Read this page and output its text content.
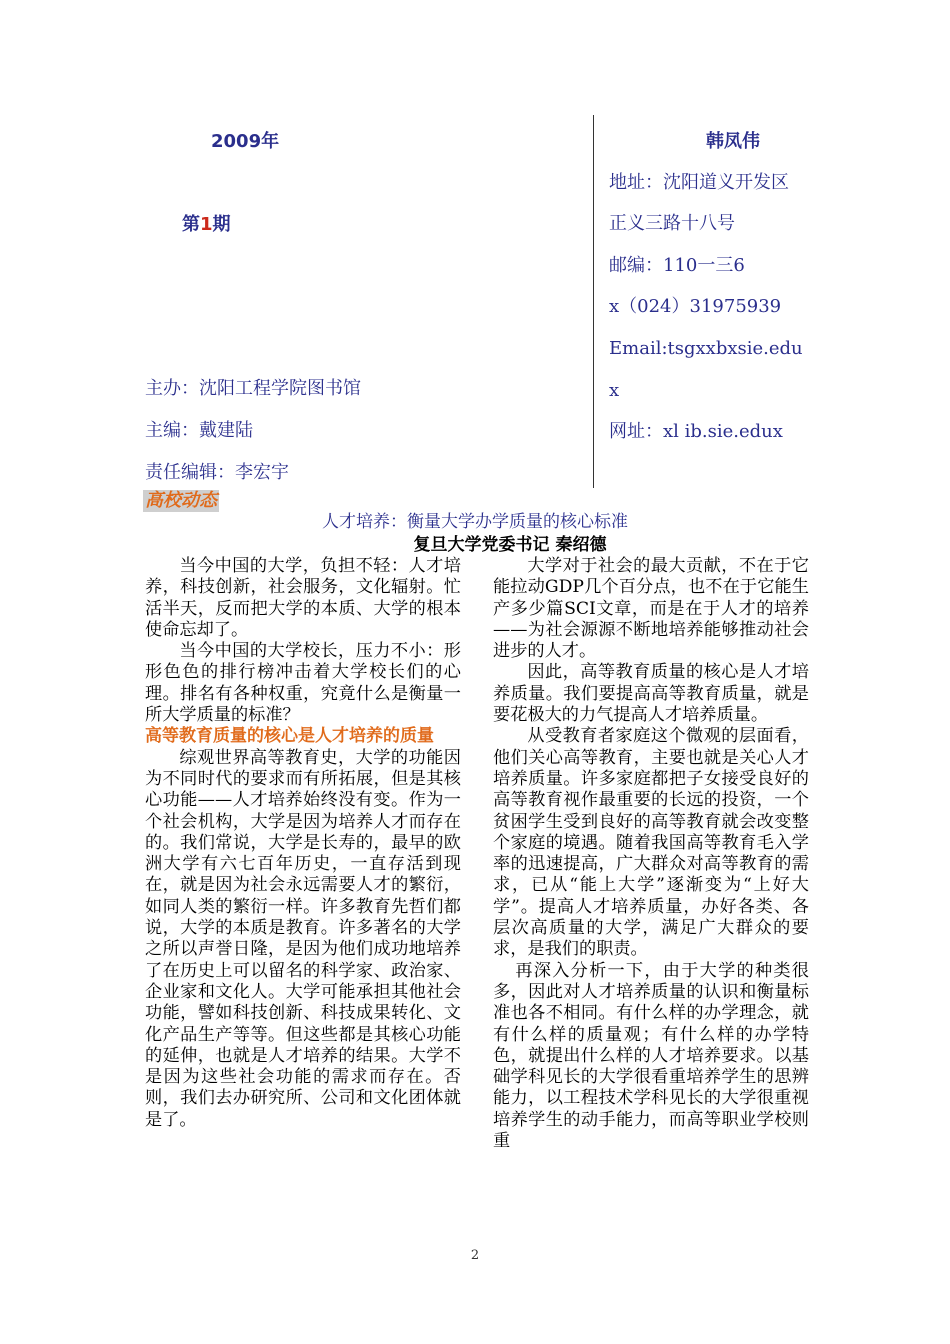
2009年
第1期
主办：沈阳工程学院图书馆
主编：戴建陆
责任编辑：李宏宇
韩凤伟
地址：沈阳道义开发区
正义三路十八号
邮编：110一三6
x（024）31975939
Email:tsgxxbxsie.edu
x
网址：xl ib.sie.edux
高校动态
人才培养：衡量大学办学质量的核心标准
复旦大学党委书记 秦绍德

当今中国的大学，负担不轻：人才培养，科技创新，社会服务，文化辐射。忙活半天，反而把大学的本质、大学的根本使命忘却了。

当今中国的大学校长，压力不小：形形色色的排行榜冲击着大学校长们的心理。排名有各种权重，究竟什么是衡量一所大学质量的标准？

高等教育质量的核心是人才培养的质量

综观世界高等教育史，大学的功能因为不同时代的要求而有所拓展，但是其核心功能——人才培养始终没有变。作为一个社会机构，大学是因为培养人才而存在的。我们常说，大学是长寿的，最早的欧洲大学有六七百年历史，一直存活到现在，就是因为社会永远需要人才的繁衍，如同人类的繁衍一样。许多教育先哲们都说，大学的本质是教育。许多著名的大学之所以声誉日隆，是因为他们成功地培养了在历史上可以留名的科学家、政治家、企业家和文化人。大学可能承担其他社会功能，譬如科技创新、科技成果转化、文化产品生产等等。但这些都是其核心功能的延伸，也就是人才培养的结果。大学不是因为这些社会功能的需求而存在。否则，我们去办研究所、公司和文化团体就是了。

大学对于社会的最大贡献，不在于它能拉动GDP几个百分点，也不在于它能生产多少篇SCI文章，而是在于人才的培养——为社会源源不断地培养能够推动社会进步的人才。

因此，高等教育质量的核心是人才培养质量。我们要提高高等教育质量，就是要花极大的力气提高人才培养质量。

从受教育者家庭这个微观的层面看，他们关心高等教育，主要也就是关心人才培养质量。许多家庭都把子女接受良好的高等教育视作最重要的长远的投资，一个贫困学生受到良好的高等教育就会改变整个家庭的境遇。随着我国高等教育毛入学率的迅速提高，广大群众对高等教育的需求，已从“能上大学”逐渐变为“上好大学”。提高人才培养质量，办好各类、各层次高质量的大学，满足广大群众的要求，是我们的职责。

再深入分析一下，由于大学的种类很多，因此对人才培养质量的认识和衡量标准也各不相同。有什么样的办学理念，就有什么样的质量观；有什么样的办学特色，就提出什么样的人才培养要求。以基础学科见长的大学很看重培养学生的思辨能力，以工程技术学科见长的大学很重视培养学生的动手能力，而高等职业学校则重

2
